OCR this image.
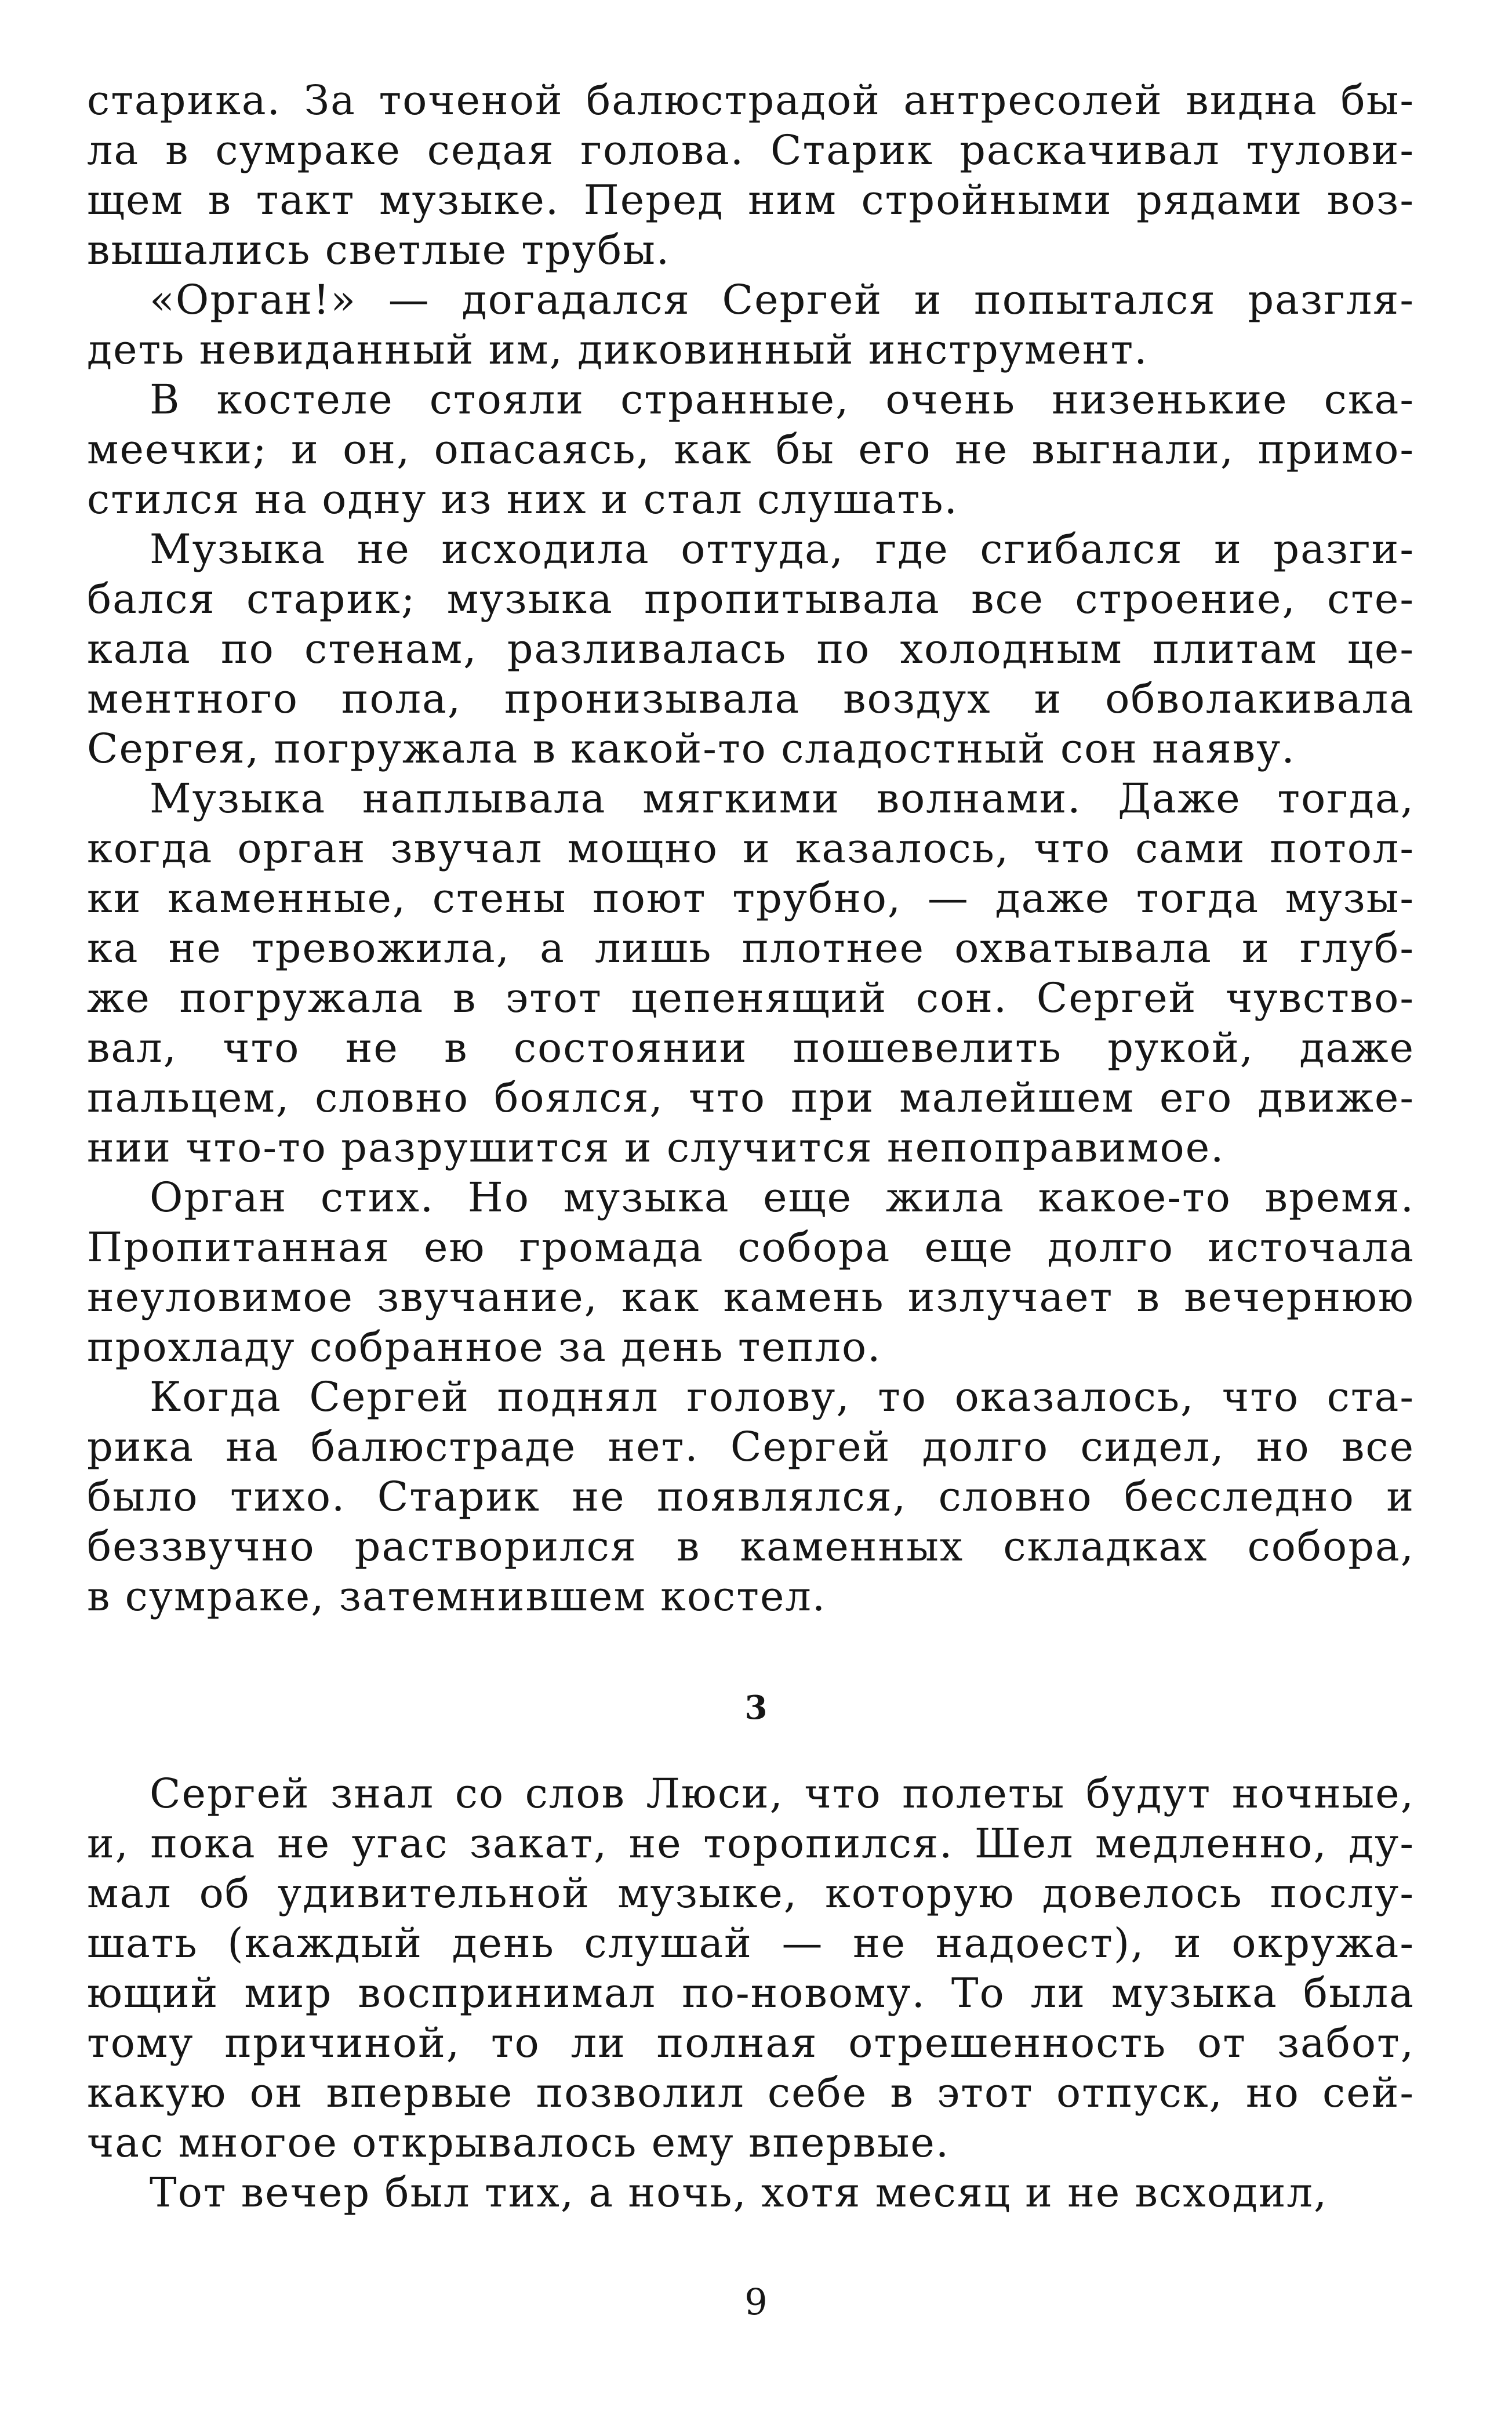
старика. За точеной балюстрадой антресолей видна бы-
ла в сумраке седая голова. Старик раскачивал тулови-
щем в такт музыке. Перед ним стройными рядами воз-
вышались светлые трубы.
«Орган!» — догадался Сергей и попытался разгля-
деть невиданный им, диковинный инструмент.
В костеле стояли странные, очень низенькие ска-
меечки; и он, опасаясь, как бы его не выгнали, примо-
стился на одну из них и стал слушать.
Музыка не исходила оттуда, где сгибался и разги-
бался старик; музыка пропитывала все строение, сте-
кала по стенам, разливалась по холодным плитам це-
ментного пола, пронизывала воздух и обволакивала
Сергея, погружала в какой-то сладостный сон наяву.
Музыка наплывала мягкими волнами. Даже тогда,
когда орган звучал мощно и казалось, что сами потол-
ки каменные, стены поют трубно, — даже тогда музы-
ка не тревожила, а лишь плотнее охватывала и глуб-
же погружала в этот цепенящий сон. Сергей чувство-
вал, что не в состоянии пошевелить рукой, даже
пальцем, словно боялся, что при малейшем его движе-
нии что-то разрушится и случится непоправимое.
Орган стих. Но музыка еще жила какое-то время.
Пропитанная ею громада собора еще долго источала
неуловимое звучание, как камень излучает в вечернюю
прохладу собранное за день тепло.
Когда Сергей поднял голову, то оказалось, что ста-
рика на балюстраде нет. Сергей долго сидел, но все
было тихо. Старик не появлялся, словно бесследно и
беззвучно растворился в каменных складках собора,
в сумраке, затемнившем костел.
3
Сергей знал со слов Люси, что полеты будут ночные,
и, пока не угас закат, не торопился. Шел медленно, ду-
мал об удивительной музыке, которую довелось послу-
шать (каждый день слушай — не надоест), и окружа-
ющий мир воспринимал по-новому. То ли музыка была
тому причиной, то ли полная отрешенность от забот,
какую он впервые позволил себе в этот отпуск, но сей-
час многое открывалось ему впервые.
Тот вечер был тих, а ночь, хотя месяц и не всходил,
9
